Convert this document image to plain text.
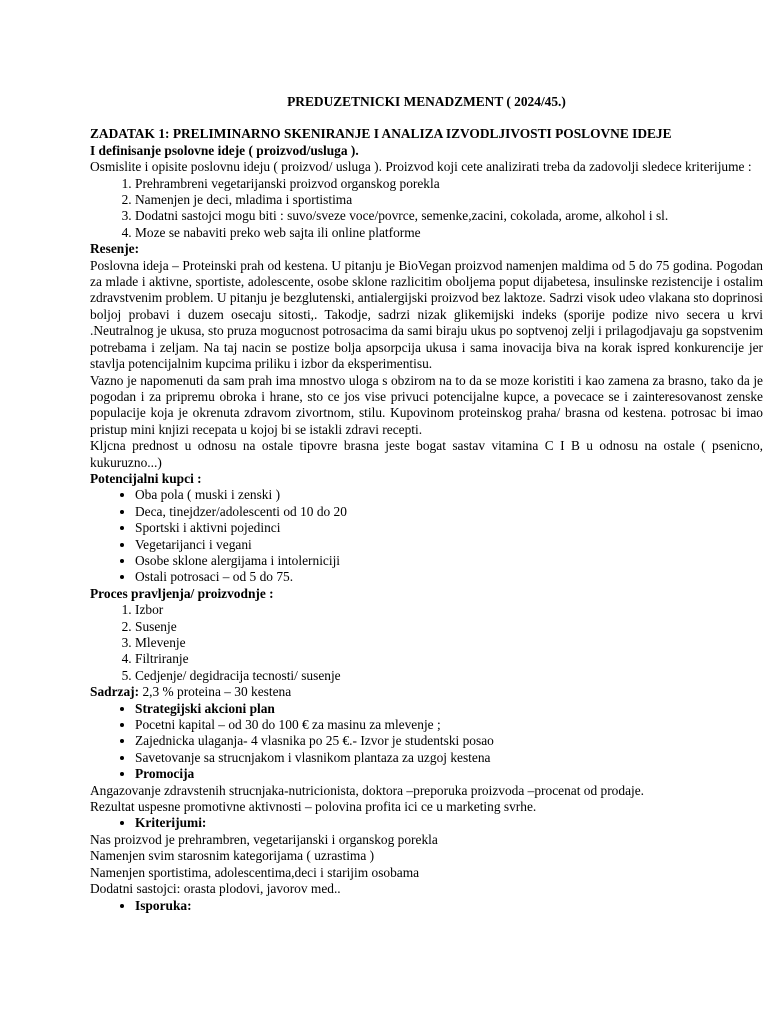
PREDUZETNICKI MENADZMENT ( 2024/45.)

ZADATAK 1: PRELIMINARNO SKENIRANJE I ANALIZA IZVODLJIVOSTI POSLOVNE IDEJE

I definisanje psolovne ideje ( proizvod/usluga ).

Osmislite i opisite poslovnu ideju ( proizvod/ usluga ). Proizvod koji cete analizirati treba da zadovolji sledece kriterijume :

1. Prehrambreni vegetarijanski proizvod organskog porekla
2. Namenjen je deci, mladima i sportistima
3. Dodatni sastojci mogu biti : suvo/sveze voce/povrce, semenke,zacini, cokolada, arome, alkohol i sl.
4. Moze se nabaviti preko web sajta ili online platforme

Resenje:

Poslovna ideja – Proteinski prah od kestena. U pitanju je BioVegan proizvod namenjen maldima od 5 do 75 godina. Pogodan za mlade i aktivne, sportiste, adolescente, osobe sklone razlicitim oboljema poput dijabetesa, insulinske rezistencije i ostalim zdravstvenim problem. U pitanju je bezglutenski, antialergijski proizvod bez laktoze. Sadrzi visok udeo vlakana sto doprinosi boljoj probavi i duzem osecaju sitosti,. Takodje, sadrzi nizak glikemijski indeks (sporije podize nivo secera u krvi .Neutralnog je ukusa, sto pruza mogucnost potrosacima da sami biraju ukus po soptvenoj zelji i prilagodjavaju ga sopstvenim potrebama i zeljam. Na taj nacin se postize bolja apsorpcija ukusa i sama inovacija biva na korak ispred konkurencije jer stavlja potencijalnim kupcima priliku i izbor da eksperimentisu.

Vazno je napomenuti da sam prah ima mnostvo uloga s obzirom na to da se moze koristiti i kao zamena za brasno, tako da je pogodan i za pripremu obroka i hrane, sto ce jos vise privuci potencijalne kupce, a povecace se i zainteresovanost zenske populacije koja je okrenuta zdravom zivortnom, stilu. Kupovinom proteinskog praha/ brasna od kestena. potrosac bi imao pristup mini knjizi recepata u kojoj bi se istakli zdravi recepti.

Kljcna prednost u odnosu na ostale tipovre brasna jeste bogat sastav vitamina C I B u odnosu na ostale ( psenicno, kukuruzno...)

Potencijalni kupci :

• Oba pola ( muski i zenski )
• Deca, tinejdzer/adolescenti od 10 do 20
• Sportski i aktivni pojedinci
• Vegetarijanci i vegani
• Osobe sklone alergijama i intolerniciji
• Ostali potrosaci – od 5 do 75.

Proces pravljenja/ proizvodnje :

1. Izbor
2. Susenje
3. Mlevenje
4. Filtriranje
5. Cedjenje/ degidracija tecnosti/ susenje

Sadrzaj: 2,3 % proteina – 30 kestena

• Strategijski akcioni plan
• Pocetni kapital – od 30 do 100 € za masinu za mlevenje ;
• Zajednicka ulaganja- 4 vlasnika po 25 €.- Izvor je studentski posao
• Savetovanje sa strucnjakom i vlasnikom plantaza za uzgoj kestena
• Promocija

Angazovanje zdravstenih strucnjaka-nutricionista, doktora –preporuka proizvoda –procenat od prodaje.

Rezultat uspesne promotivne aktivnosti – polovina profita ici ce u marketing svrhe.

• Kriterijumi:

Nas proizvod je prehrambren, vegetarijanski i organskog porekla

Namenjen svim starosnim kategorijama ( uzrastima )

Namenjen sportistima, adolescentima,deci i starijim osobama

Dodatni sastojci: orasta plodovi, javorov med..

• Isporuka:
